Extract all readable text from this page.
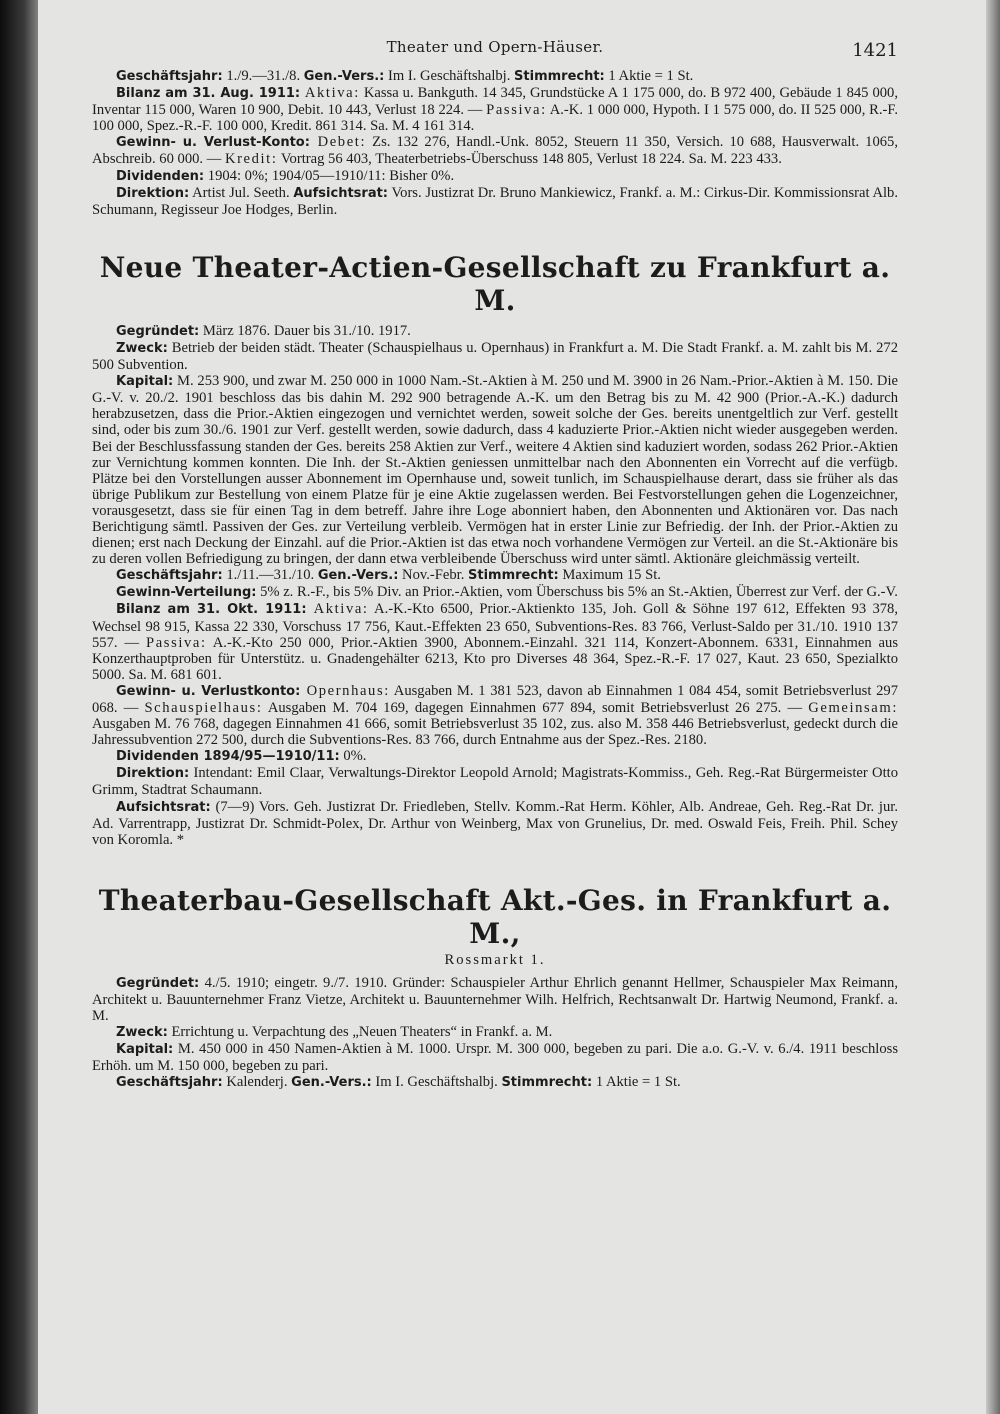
Theater und Opern-Häuser.	1421

Geschäftsjahr: 1./9.—31./8. Gen.-Vers.: Im I. Geschäftshalbj. Stimmrecht: 1 Aktie = 1 St.

Bilanz am 31. Aug. 1911: Aktiva: Kassa u. Bankguth. 14 345, Grundstücke A 1 175 000, do. B 972 400, Gebäude 1 845 000, Inventar 115 000, Waren 10 900, Debit. 10 443, Verlust 18 224. — Passiva: A.-K. 1 000 000, Hypoth. I 1 575 000, do. II 525 000, R.-F. 100 000, Spez.-R.-F. 100 000, Kredit. 861 314. Sa. M. 4 161 314.

Gewinn- u. Verlust-Konto: Debet: Zs. 132 276, Handl.-Unk. 8052, Steuern 11 350, Versich. 10 688, Hausverwalt. 1065, Abschreib. 60 000. — Kredit: Vortrag 56 403, Theaterbetriebs-Überschuss 148 805, Verlust 18 224. Sa. M. 223 433.

Dividenden: 1904: 0%; 1904/05—1910/11: Bisher 0%.

Direktion: Artist Jul. Seeth. Aufsichtsrat: Vors. Justizrat Dr. Bruno Mankiewicz, Frankf. a. M.: Cirkus-Dir. Kommissionsrat Alb. Schumann, Regisseur Joe Hodges, Berlin.

Neue Theater-Actien-Gesellschaft zu Frankfurt a. M.

Gegründet: März 1876. Dauer bis 31./10. 1917.

Zweck: Betrieb der beiden städt. Theater (Schauspielhaus u. Opernhaus) in Frankfurt a. M. Die Stadt Frankf. a. M. zahlt bis M. 272 500 Subvention.

Kapital: M. 253 900, und zwar M. 250 000 in 1000 Nam.-St.-Aktien à M. 250 und M. 3900 in 26 Nam.-Prior.-Aktien à M. 150. Die G.-V. v. 20./2. 1901 beschloss das bis dahin M. 292 900 betragende A.-K. um den Betrag bis zu M. 42 900 (Prior.-A.-K.) dadurch herabzusetzen, dass die Prior.-Aktien eingezogen und vernichtet werden, soweit solche der Ges. bereits unentgeltlich zur Verf. gestellt sind, oder bis zum 30./6. 1901 zur Verf. gestellt werden, sowie dadurch, dass 4 kaduzierte Prior.-Aktien nicht wieder ausgegeben werden. Bei der Beschlussfassung standen der Ges. bereits 258 Aktien zur Verf., weitere 4 Aktien sind kaduziert worden, sodass 262 Prior.-Aktien zur Vernichtung kommen konnten. Die Inh. der St.-Aktien geniessen unmittelbar nach den Abonnenten ein Vorrecht auf die verfügb. Plätze bei den Vorstellungen ausser Abonnement im Opernhause und, soweit tunlich, im Schauspielhause derart, dass sie früher als das übrige Publikum zur Bestellung von einem Platze für je eine Aktie zugelassen werden. Bei Festvorstellungen gehen die Logenzeichner, vorausgesetzt, dass sie für einen Tag in dem betreff. Jahre ihre Loge abonniert haben, den Abonnenten und Aktionären vor. Das nach Berichtigung sämtl. Passiven der Ges. zur Verteilung verbleib. Vermögen hat in erster Linie zur Befriedig. der Inh. der Prior.-Aktien zu dienen; erst nach Deckung der Einzahl. auf die Prior.-Aktien ist das etwa noch vorhandene Vermögen zur Verteil. an die St.-Aktionäre bis zu deren vollen Befriedigung zu bringen, der dann etwa verbleibende Überschuss wird unter sämtl. Aktionäre gleichmässig verteilt.

Geschäftsjahr: 1./11.—31./10. Gen.-Vers.: Nov.-Febr. Stimmrecht: Maximum 15 St.

Gewinn-Verteilung: 5% z. R.-F., bis 5% Div. an Prior.-Aktien, vom Überschuss bis 5% an St.-Aktien, Überrest zur Verf. der G.-V.

Bilanz am 31. Okt. 1911: Aktiva: A.-K.-Kto 6500, Prior.-Aktienkto 135, Joh. Goll & Söhne 197 612, Effekten 93 378, Wechsel 98 915, Kassa 22 330, Vorschuss 17 756, Kaut.-Effekten 23 650, Subventions-Res. 83 766, Verlust-Saldo per 31./10. 1910 137 557. — Passiva: A.-K.-Kto 250 000, Prior.-Aktien 3900, Abonnem.-Einzahl. 321 114, Konzert-Abonnem. 6331, Einnahmen aus Konzerthauptproben für Unterstütz. u. Gnadengehälter 6213, Kto pro Diverses 48 364, Spez.-R.-F. 17 027, Kaut. 23 650, Spezialkto 5000. Sa. M. 681 601.

Gewinn- u. Verlustkonto: Opernhaus: Ausgaben M. 1 381 523, davon ab Einnahmen 1 084 454, somit Betriebsverlust 297 068. — Schauspielhaus: Ausgaben M. 704 169, dagegen Einnahmen 677 894, somit Betriebsverlust 26 275. — Gemeinsam: Ausgaben M. 76 768, dagegen Einnahmen 41 666, somit Betriebsverlust 35 102, zus. also M. 358 446 Betriebsverlust, gedeckt durch die Jahressubvention 272 500, durch die Subventions-Res. 83 766, durch Entnahme aus der Spez.-Res. 2180.

Dividenden 1894/95—1910/11: 0%.

Direktion: Intendant: Emil Claar, Verwaltungs-Direktor Leopold Arnold; Magistrats-Kommiss., Geh. Reg.-Rat Bürgermeister Otto Grimm, Stadtrat Schaumann.

Aufsichtsrat: (7—9) Vors. Geh. Justizrat Dr. Friedleben, Stellv. Komm.-Rat Herm. Köhler, Alb. Andreae, Geh. Reg.-Rat Dr. jur. Ad. Varrentrapp, Justizrat Dr. Schmidt-Polex, Dr. Arthur von Weinberg, Max von Grunelius, Dr. med. Oswald Feis, Freih. Phil. Schey von Koromla. *

Theaterbau-Gesellschaft Akt.-Ges. in Frankfurt a. M.,
Rossmarkt 1.

Gegründet: 4./5. 1910; eingetr. 9./7. 1910. Gründer: Schauspieler Arthur Ehrlich genannt Hellmer, Schauspieler Max Reimann, Architekt u. Bauunternehmer Franz Vietze, Architekt u. Bauunternehmer Wilh. Helfrich, Rechtsanwalt Dr. Hartwig Neumond, Frankf. a. M.

Zweck: Errichtung u. Verpachtung des „Neuen Theaters“ in Frankf. a. M.

Kapital: M. 450 000 in 450 Namen-Aktien à M. 1000. Urspr. M. 300 000, begeben zu pari. Die a.o. G.-V. v. 6./4. 1911 beschloss Erhöh. um M. 150 000, begeben zu pari.

Geschäftsjahr: Kalenderj. Gen.-Vers.: Im I. Geschäftshalbj. Stimmrecht: 1 Aktie = 1 St.
